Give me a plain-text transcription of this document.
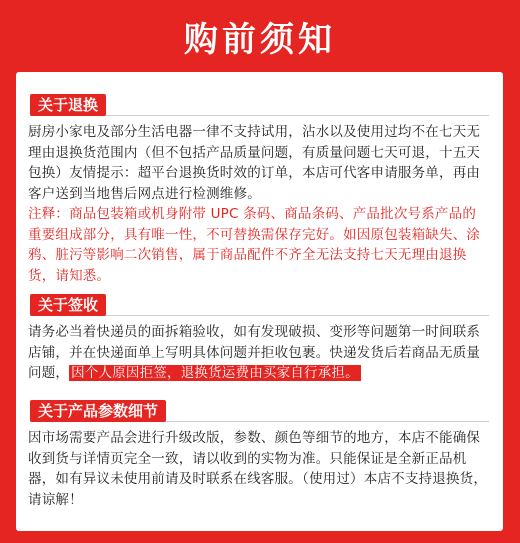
购前须知
关于退换
厨房小家电及部分生活电器一律不支持试用，沾水以及使用过均不在七天无理由退换货范围内（但不包括产品质量问题，有质量问题七天可退，十五天包换）友情提示：超平台退换货时效的订单，本店可代客申请服务单，再由客户送到当地售后网点进行检测维修。
注释：商品包装箱或机身附带 UPC 条码、商品条码、产品批次号系产品的重要组成部分，具有唯一性，不可替换需保存完好。如因原包装箱缺失、涂鸦、脏污等影响二次销售，属于商品配件不齐全无法支持七天无理由退换货，请知悉。
关于签收
请务必当着快递员的面拆箱验收，如有发现破损、变形等问题第一时间联系店铺，并在快递面单上写明具体问题并拒收包裹。快递发货后若商品无质量问题， 因个人原因拒签，退换货运费由买家自行承担。
关于产品参数细节
因市场需要产品会进行升级改版，参数、颜色等细节的地方，本店不能确保收到货与详情页完全一致，请以收到的实物为准。只能保证是全新正品机器，如有异议未使用前请及时联系在线客服。（使用过）本店不支持退换货，请谅解！
